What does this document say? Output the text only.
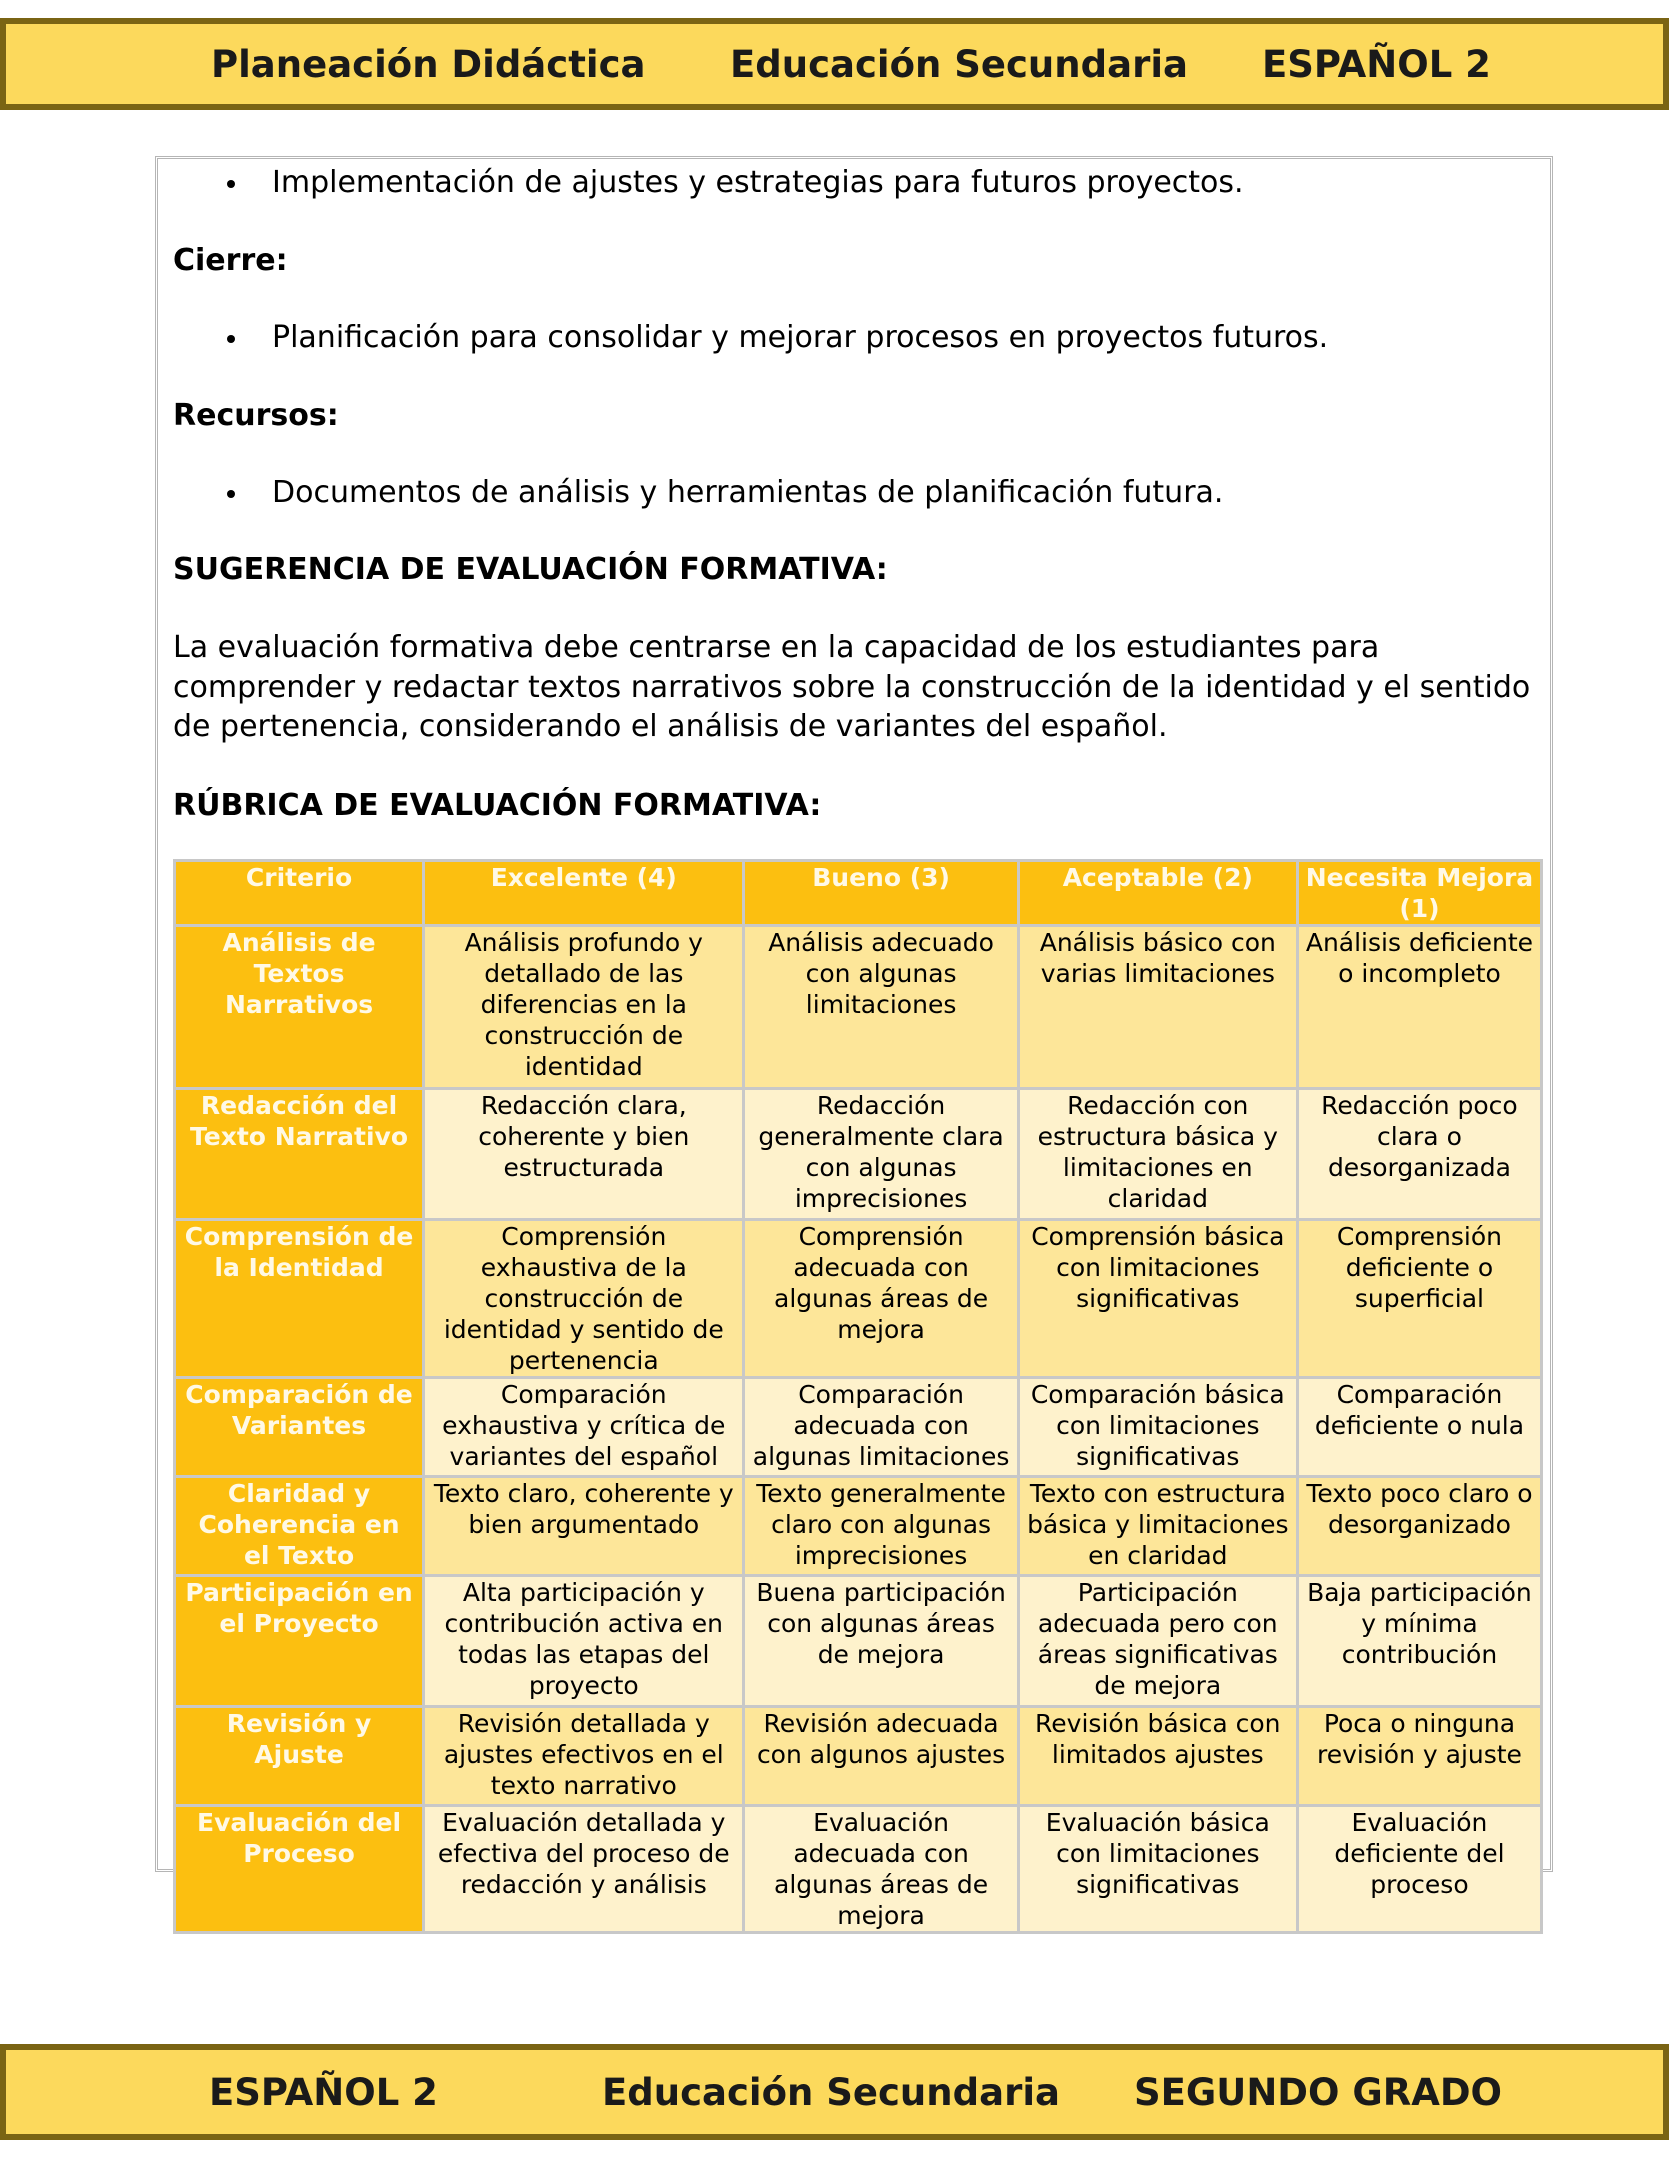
Planeación Didáctica Educación Secundaria ESPAÑOL 2
Implementación de ajustes y estrategias para futuros proyectos.
Cierre:
Planificación para consolidar y mejorar procesos en proyectos futuros.
Recursos:
Documentos de análisis y herramientas de planificación futura.
SUGERENCIA DE EVALUACIÓN FORMATIVA:
La evaluación formativa debe centrarse en la capacidad de los estudiantes para comprender y redactar textos narrativos sobre la construcción de la identidad y el sentido de pertenencia, considerando el análisis de variantes del español.
RÚBRICA DE EVALUACIÓN FORMATIVA:
Criterio	Excelente (4)	Bueno (3)	Aceptable (2)	Necesita Mejora (1)
Análisis de Textos Narrativos	Análisis profundo y detallado de las diferencias en la construcción de identidad	Análisis adecuado con algunas limitaciones	Análisis básico con varias limitaciones	Análisis deficiente o incompleto
Redacción del Texto Narrativo	Redacción clara, coherente y bien estructurada	Redacción generalmente clara con algunas imprecisiones	Redacción con estructura básica y limitaciones en claridad	Redacción poco clara o desorganizada
Comprensión de la Identidad	Comprensión exhaustiva de la construcción de identidad y sentido de pertenencia	Comprensión adecuada con algunas áreas de mejora	Comprensión básica con limitaciones significativas	Comprensión deficiente o superficial
Comparación de Variantes	Comparación exhaustiva y crítica de variantes del español	Comparación adecuada con algunas limitaciones	Comparación básica con limitaciones significativas	Comparación deficiente o nula
Claridad y Coherencia en el Texto	Texto claro, coherente y bien argumentado	Texto generalmente claro con algunas imprecisiones	Texto con estructura básica y limitaciones en claridad	Texto poco claro o desorganizado
Participación en el Proyecto	Alta participación y contribución activa en todas las etapas del proyecto	Buena participación con algunas áreas de mejora	Participación adecuada pero con áreas significativas de mejora	Baja participación y mínima contribución
Revisión y Ajuste	Revisión detallada y ajustes efectivos en el texto narrativo	Revisión adecuada con algunos ajustes	Revisión básica con limitados ajustes	Poca o ninguna revisión y ajuste
Evaluación del Proceso	Evaluación detallada y efectiva del proceso de redacción y análisis	Evaluación adecuada con algunas áreas de mejora	Evaluación básica con limitaciones significativas	Evaluación deficiente del proceso
ESPAÑOL 2	Educación Secundaria SEGUNDO GRADO
